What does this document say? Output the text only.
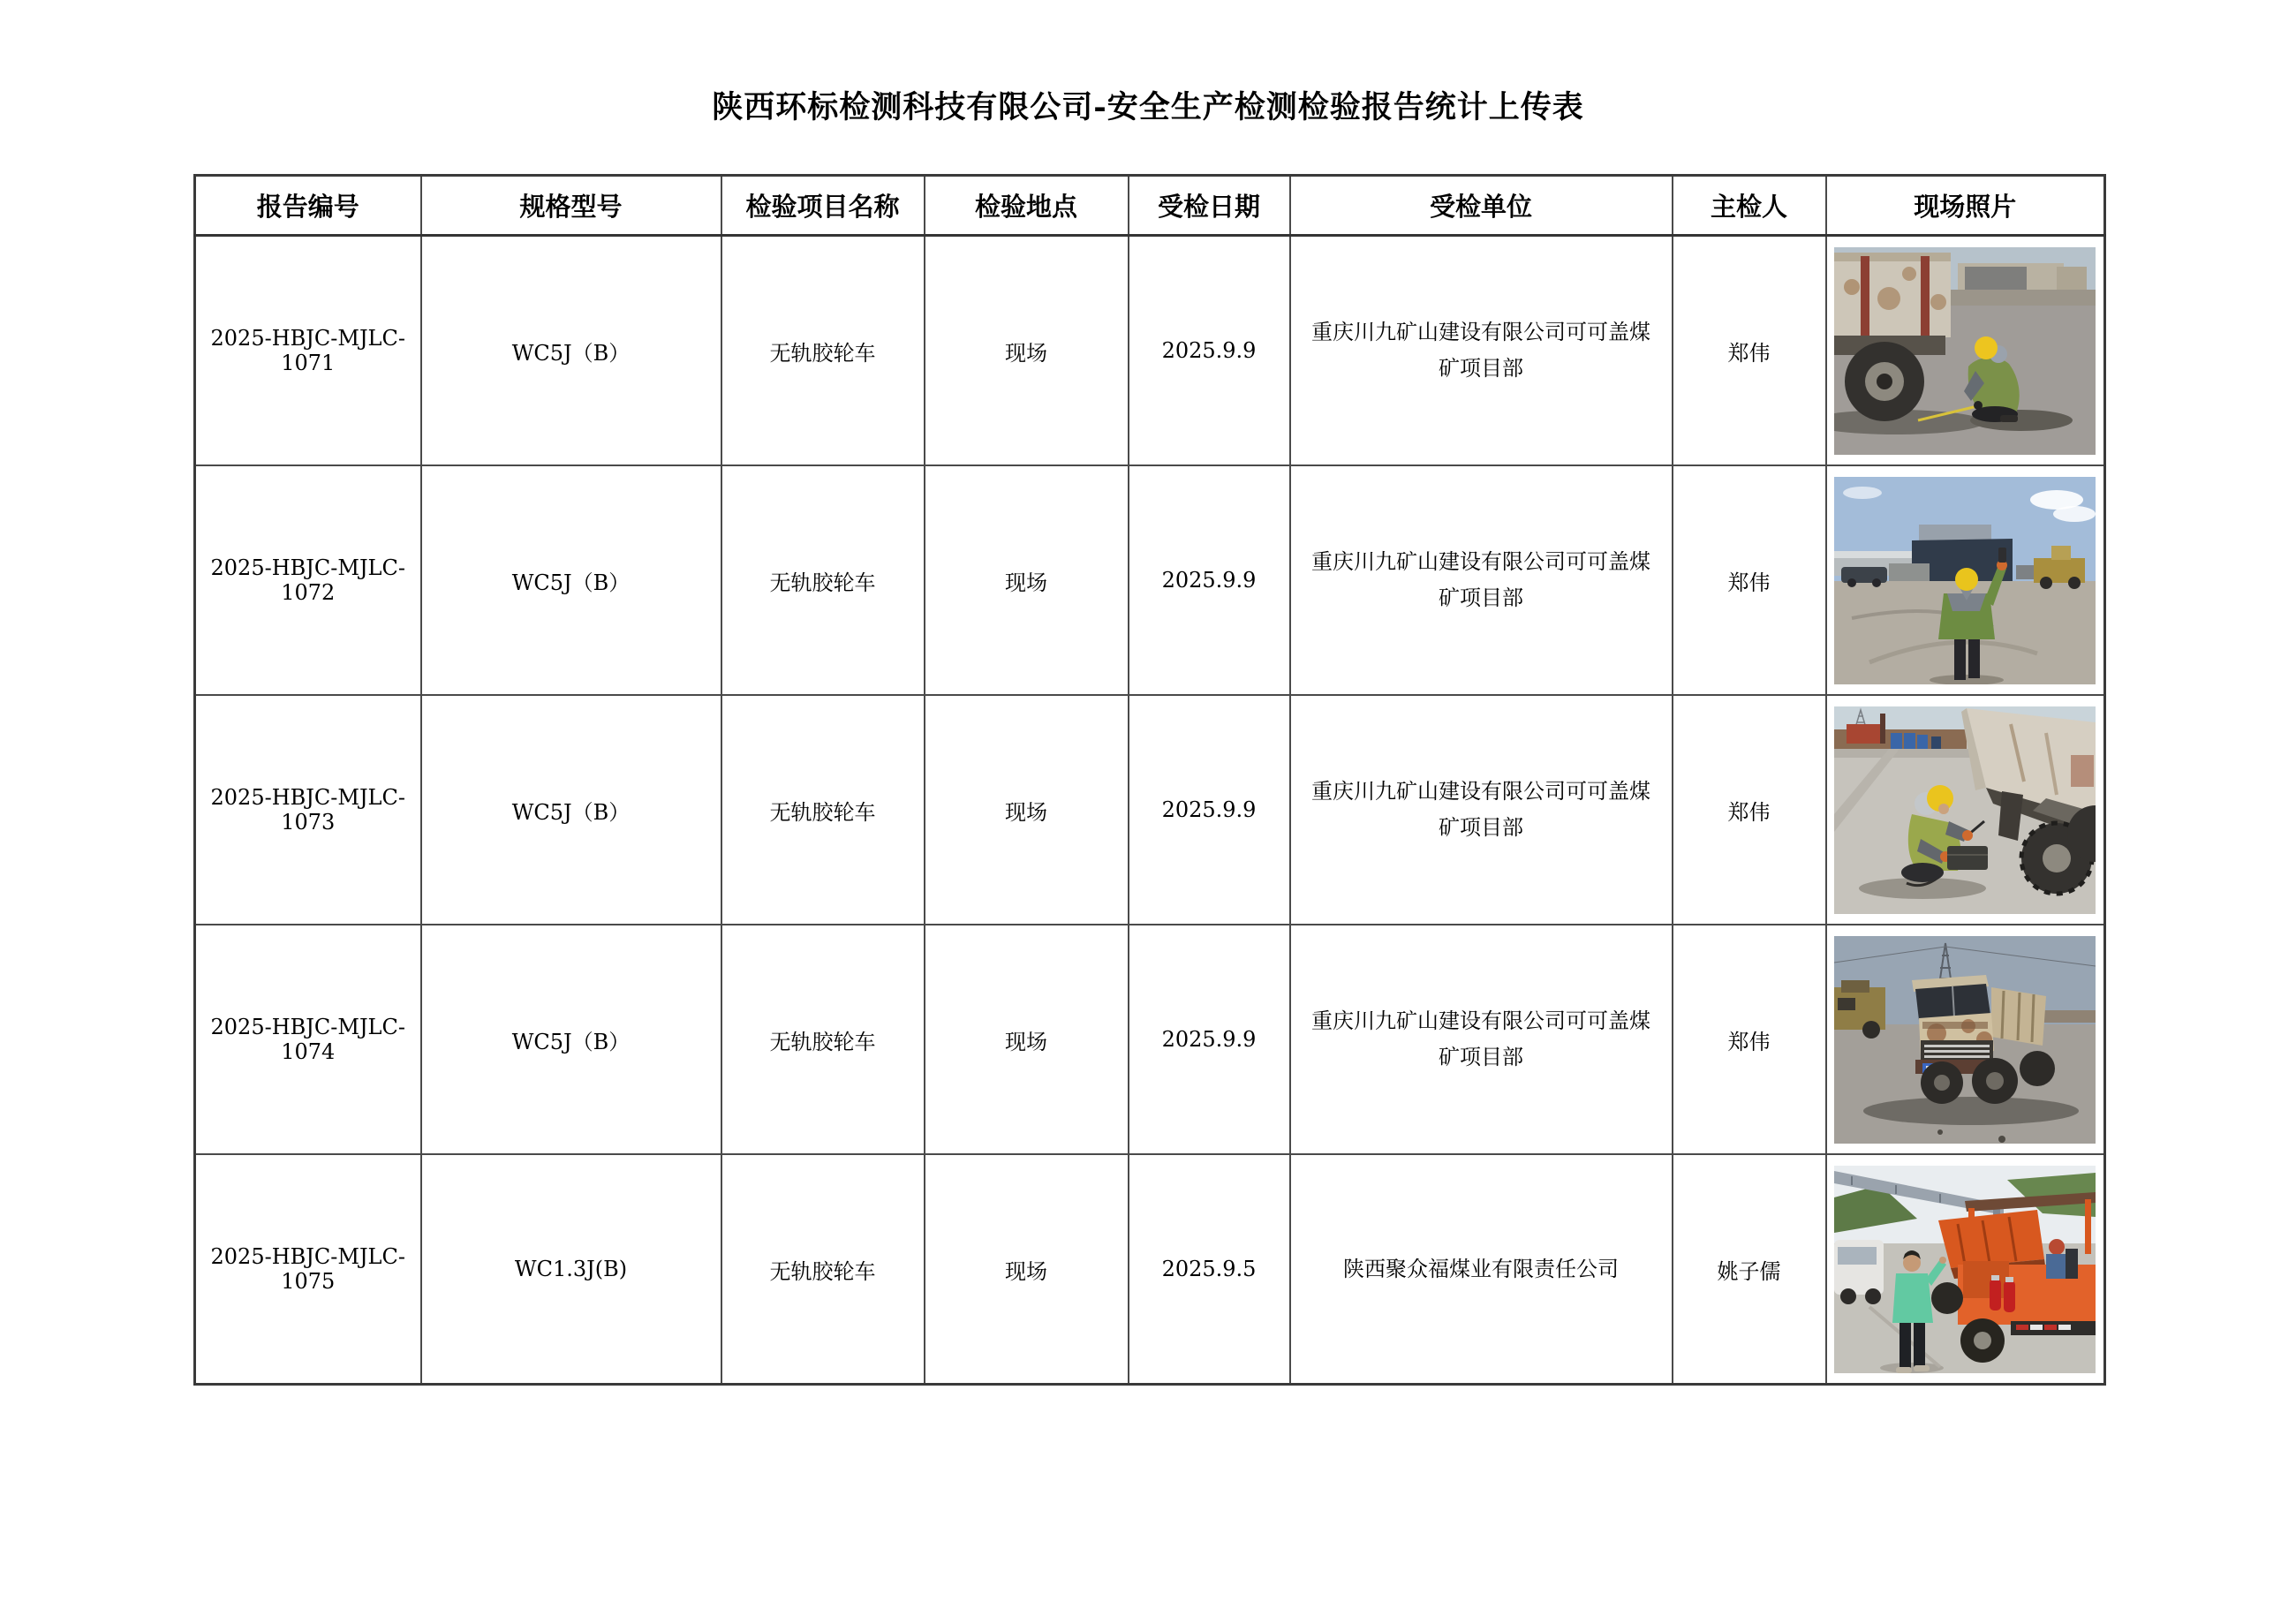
陕西环标检测科技有限公司-安全生产检测检验报告统计上传表
报告编号	规格型号	检验项目名称	检验地点	受检日期	受检单位	主检人	现场照片
2025-HBJC-MJLC-1071	WC5J（B）	无轨胶轮车	现场	2025.9.9	重庆川九矿山建设有限公司可可盖煤矿项目部	郑伟	

2025-HBJC-MJLC-1072	WC5J（B）	无轨胶轮车	现场	2025.9.9	重庆川九矿山建设有限公司可可盖煤矿项目部	郑伟	

2025-HBJC-MJLC-1073	WC5J（B）	无轨胶轮车	现场	2025.9.9	重庆川九矿山建设有限公司可可盖煤矿项目部	郑伟	

2025-HBJC-MJLC-1074	WC5J（B）	无轨胶轮车	现场	2025.9.9	重庆川九矿山建设有限公司可可盖煤矿项目部	郑伟	

2025-HBJC-MJLC-1075	WC1.3J(B)	无轨胶轮车	现场	2025.9.5	陕西聚众福煤业有限责任公司	姚子儒	
